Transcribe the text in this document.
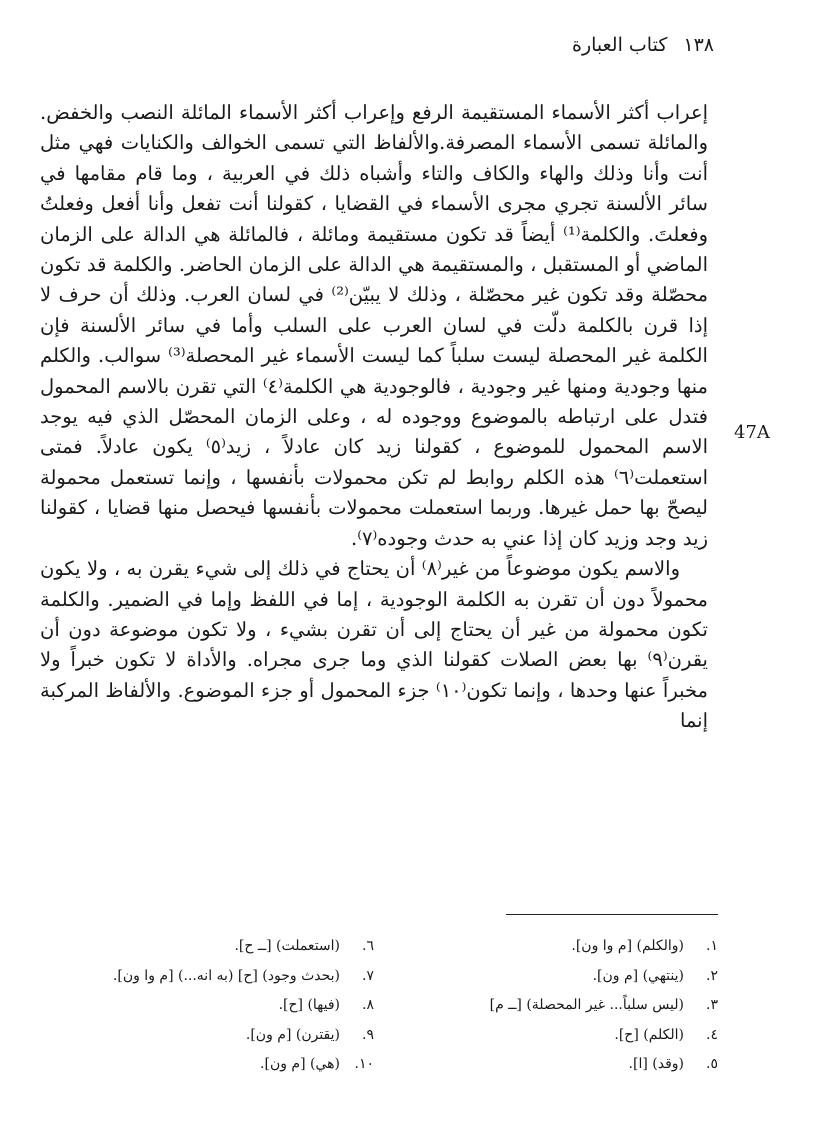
١٣٨كتاب العبارة
47A

إعراب أكثر الأسماء المستقيمة الرفع وإعراب أكثر الأسماء المائلة النصب والخفض. والمائلة تسمى الأسماء المصرفة.والألفاظ التي تسمى الخوالف والكنايات فهي مثل أنت وأنا وذلك والهاء والكاف والتاء وأشباه ذلك في العربية ، وما قام مقامها في سائر الألسنة تجري مجرى الأسماء في القضايا ، كقولنا أنت تفعل وأنا أفعل وفعلتُ وفعلتَ. والكلمة⁽¹⁾ أيضاً قد تكون مستقيمة ومائلة ، فالمائلة هي الدالة على الزمان الماضي أو المستقبل ، والمستقيمة هي الدالة على الزمان الحاضر. والكلمة قد تكون محصّلة وقد تكون غير محصّلة ، وذلك لا يبيّن⁽²⁾ في لسان العرب. وذلك أن حرف لا إذا قرن بالكلمة دلّت في لسان العرب على السلب وأما في سائر الألسنة فإن الكلمة غير المحصلة ليست سلباً كما ليست الأسماء غير المحصلة⁽³⁾ سوالب. والكلم منها وجودية ومنها غير وجودية ، فالوجودية هي الكلمة⁽٤⁾ التي تقرن بالاسم المحمول فتدل على ارتباطه بالموضوع ووجوده له ، وعلى الزمان المحصّل الذي فيه يوجد الاسم المحمول للموضوع ، كقولنا زيد كان عادلاً ، زيد⁽٥⁾ يكون عادلاً. فمتى استعملت⁽٦⁾ هذه الكلم روابط لم تكن محمولات بأنفسها ، وإنما تستعمل محمولة ليصحّ بها حمل غيرها. وربما استعملت محمولات بأنفسها فيحصل منها قضايا ، كقولنا زيد وجد وزيد كان إذا عني به حدث وجوده⁽٧⁾.

والاسم يكون موضوعاً من غير⁽٨⁾ أن يحتاج في ذلك إلى شيء يقرن به ، ولا يكون محمولاً دون أن تقرن به الكلمة الوجودية ، إما في اللفظ وإما في الضمير. والكلمة تكون محمولة من غير أن يحتاج إلى أن تقرن بشيء ، ولا تكون موضوعة دون أن يقرن⁽٩⁾ بها بعض الصلات كقولنا الذي وما جرى مجراه. والأداة لا تكون خبراً ولا مخبراً عنها وحدها ، وإنما تكون⁽١٠⁾ جزء المحمول أو جزء الموضوع. والألفاظ المركبة إنما

١.(والكلم) [م وا ون].
٢.(ينتهي) [م ون].
٣.(ليس سلباً... غير المحصلة) [ــ م]
٤.(الكلم) [ح].
٥.(وقد) [ا].
٦.(استعملت) [ــ ح].
٧.(بحدث وجود) [ح] (به انه...) [م وا ون].
٨.(فيها) [ح].
٩.(يقترن) [م ون].
١٠.(هي) [م ون].
